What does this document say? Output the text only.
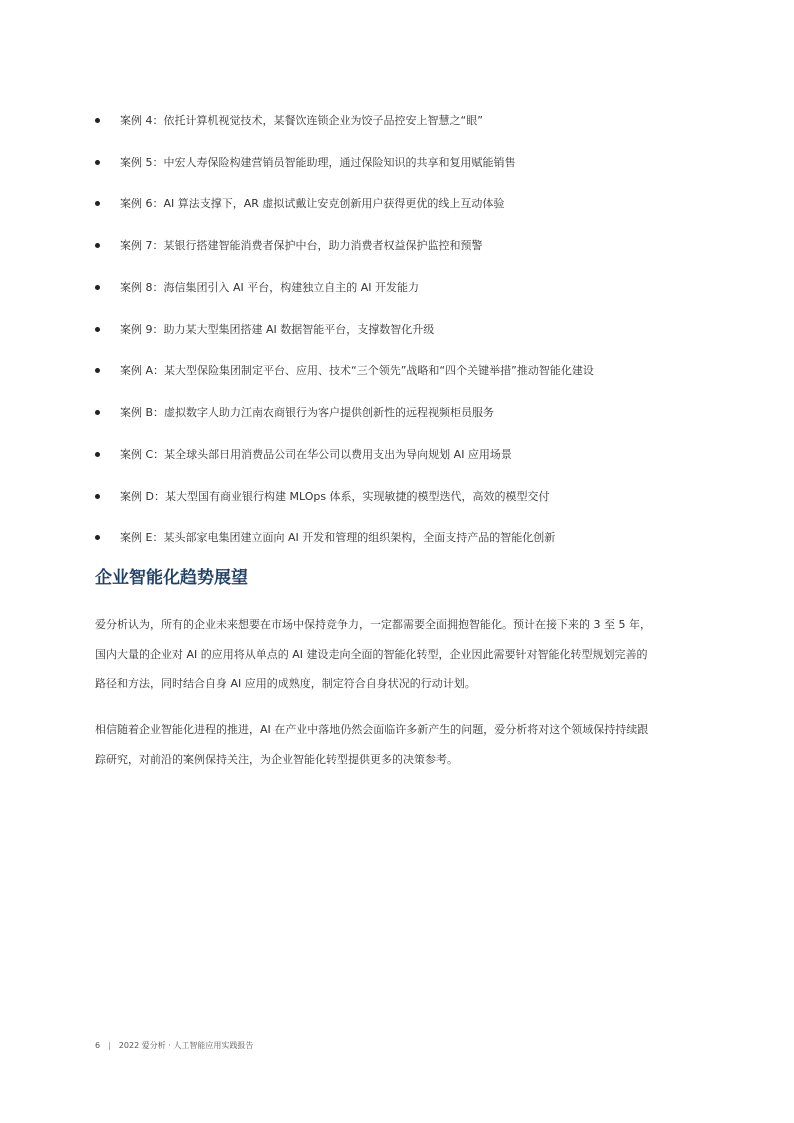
案例 4：依托计算机视觉技术，某餐饮连锁企业为饺子品控安上智慧之“眼”
案例 5：中宏人寿保险构建营销员智能助理，通过保险知识的共享和复用赋能销售
案例 6：AI 算法支撑下，AR 虚拟试戴让安克创新用户获得更优的线上互动体验
案例 7：某银行搭建智能消费者保护中台，助力消费者权益保护监控和预警
案例 8：海信集团引入 AI 平台，构建独立自主的 AI 开发能力
案例 9：助力某大型集团搭建 AI 数据智能平台，支撑数智化升级
案例 A：某大型保险集团制定平台、应用、技术“三个领先”战略和“四个关键举措”推动智能化建设
案例 B：虚拟数字人助力江南农商银行为客户提供创新性的远程视频柜员服务
案例 C：某全球头部日用消费品公司在华公司以费用支出为导向规划 AI 应用场景
案例 D：某大型国有商业银行构建 MLOps 体系，实现敏捷的模型迭代，高效的模型交付
案例 E：某头部家电集团建立面向 AI 开发和管理的组织架构，全面支持产品的智能化创新
企业智能化趋势展望

爱分析认为，所有的企业未来想要在市场中保持竞争力，一定都需要全面拥抱智能化。预计在接下来的 3 至 5 年，
国内大量的企业对 AI 的应用将从单点的 AI 建设走向全面的智能化转型，企业因此需要针对智能化转型规划完善的
路径和方法，同时结合自身 AI 应用的成熟度，制定符合自身状况的行动计划。

相信随着企业智能化进程的推进，AI 在产业中落地仍然会面临许多新产生的问题，爱分析将对这个领域保持持续跟
踪研究，对前沿的案例保持关注，为企业智能化转型提供更多的决策参考。

6 | 2022 爱分析 · 人工智能应用实践报告
